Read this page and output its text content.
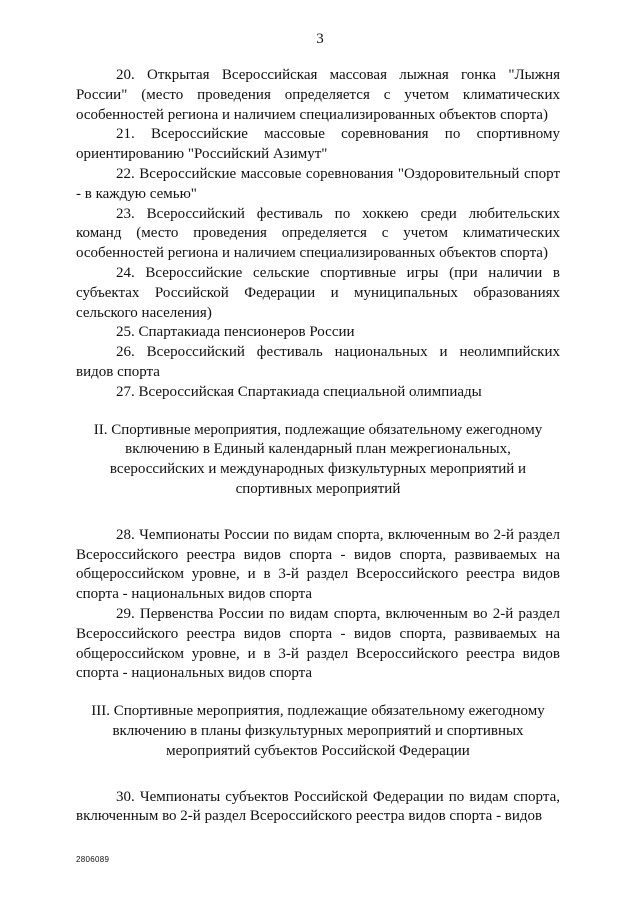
3

20. Открытая Всероссийская массовая лыжная гонка "Лыжня России" (место проведения определяется с учетом климатических особенностей региона и наличием специализированных объектов спорта)

21. Всероссийские массовые соревнования по спортивному ориентированию "Российский Азимут"

22. Всероссийские массовые соревнования "Оздоровительный спорт - в каждую семью"

23. Всероссийский фестиваль по хоккею среди любительских команд (место проведения определяется с учетом климатических особенностей региона и наличием специализированных объектов спорта)

24. Всероссийские сельские спортивные игры (при наличии в субъектах Российской Федерации и муниципальных образованиях сельского населения)

25. Спартакиада пенсионеров России

26. Всероссийский фестиваль национальных и неолимпийских видов спорта

27. Всероссийская Спартакиада специальной олимпиады

II. Спортивные мероприятия, подлежащие обязательному ежегодному включению в Единый календарный план межрегиональных, всероссийских и международных физкультурных мероприятий и спортивных мероприятий

28. Чемпионаты России по видам спорта, включенным во 2-й раздел Всероссийского реестра видов спорта - видов спорта, развиваемых на общероссийском уровне, и в 3-й раздел Всероссийского реестра видов спорта - национальных видов спорта

29. Первенства России по видам спорта, включенным во 2-й раздел Всероссийского реестра видов спорта - видов спорта, развиваемых на общероссийском уровне, и в 3-й раздел Всероссийского реестра видов спорта - национальных видов спорта

III. Спортивные мероприятия, подлежащие обязательному ежегодному включению в планы физкультурных мероприятий и спортивных мероприятий субъектов Российской Федерации

30. Чемпионаты субъектов Российской Федерации по видам спорта, включенным во 2-й раздел Всероссийского реестра видов спорта - видов

2806089
